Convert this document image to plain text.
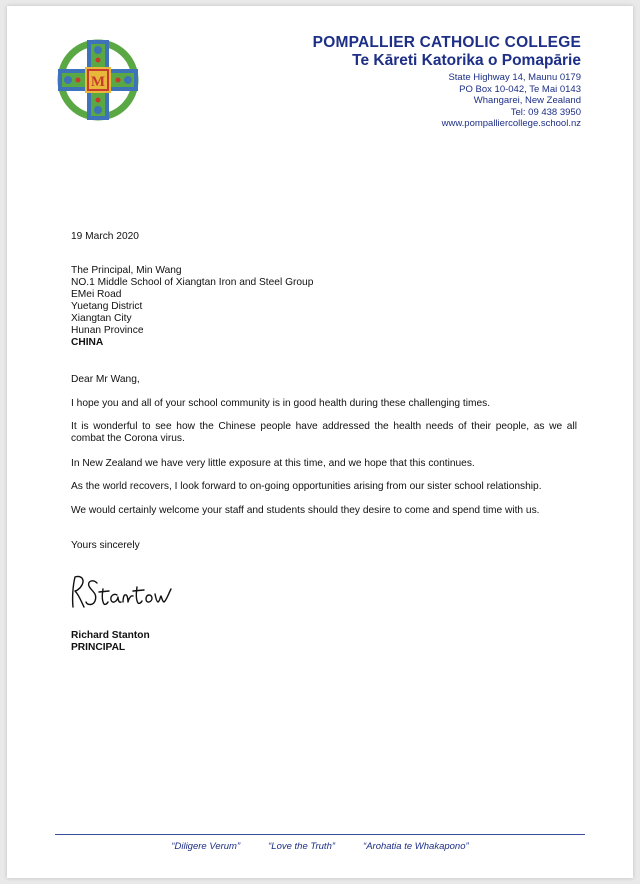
M
POMPALLIER CATHOLIC COLLEGE
Te Kāreti Katorika o Pomapārie
State Highway 14, Maunu 0179
PO Box 10-042, Te Mai 0143
Whangarei, New Zealand
Tel: 09 438 3950
www.pompalliercollege.school.nz
19 March 2020
The Principal, Min Wang
NO.1 Middle School of Xiangtan Iron and Steel Group
EMei Road
Yuetang District
Xiangtan City
Hunan Province
CHINA
Dear Mr Wang,
I hope you and all of your school community is in good health during these challenging times.
It is wonderful to see how the Chinese people have addressed the health needs of their people, as we all combat the Corona virus.
In New Zealand we have very little exposure at this time, and we hope that this continues.
As the world recovers, I look forward to on-going opportunities arising from our sister school relationship.
We would certainly welcome your staff and students should they desire to come and spend time with us.
Yours sincerely
Richard Stanton
PRINCIPAL
“Diligere Verum”	“Love the Truth”	“Arohatia te Whakapono”
